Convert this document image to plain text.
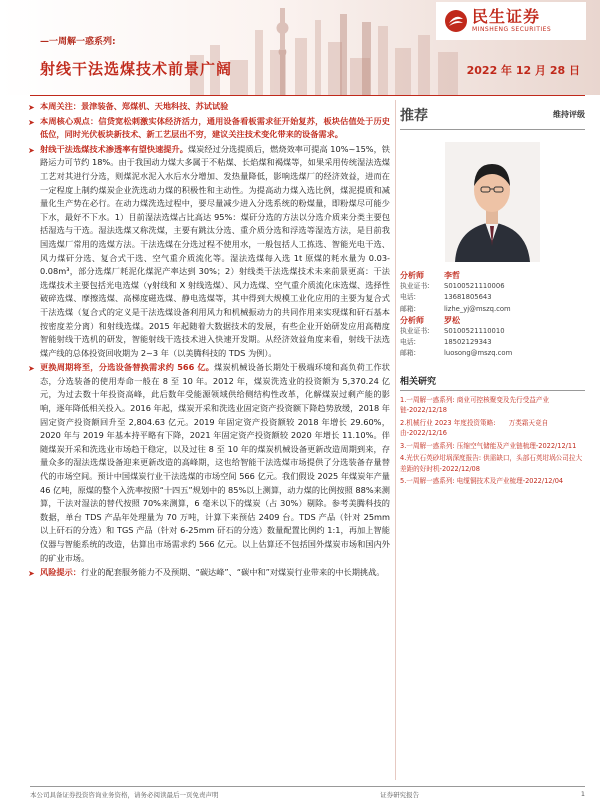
民生证券
MINSHENG SECURITIES
—一周解一惑系列:
射线干法选煤技术前景广阔	2022 年 12 月 28 日
➤ 本周关注：景津装备、郑煤机、天地科技、苏试试验
➤ 本周核心观点：信贷宽松刺激实体经济活力，通用设备看板需求征开始复苏，板块估值处于历史低位，同时光伏板块新技术、新工艺层出不穷，建议关注技术变化带来的设备需求。
➤ 射线干法选煤技术渗透率有望快速提升。煤炭经过分选提质后，燃烧效率可提高 10%~15%，铁路运力可节约 18%。由于我国动力煤大多属于不粘煤、长焰煤和褐煤等，如果采用传统湿法选煤工艺对其进行分选，则煤泥水泥入水后水分增加、发热量降低，影响选煤厂的经济效益，进而在一定程度上制约煤炭企业洗选动力煤的积极性和主动性。为提高动力煤入选比例，煤泥提质和减量化生产势在必行。在动力煤洗选过程中，要尽量减少进入分选系统的粉煤量，即粉煤尽可能少下水，最好不下水。1）目前湿法选煤占比高达 95%：煤矸分选的方法以分选介质来分类主要包括湿选与干选。湿法选煤又称洗煤，主要有跳汰分选、重介质分选和浮选等湿选方法，是目前我国选煤厂常用的选煤方法。干法选煤在分选过程不使用水，一般包括人工拣选、智能光电干选、风力煤矸分选、复合式干选、空气重介质流化等。湿法选煤每入选 1t 原煤的耗水量为 0.03-0.08m³，部分选煤厂耗泥化煤泥产率达到 30%；2）射线类干法选煤技术未来前景更高：干法选煤技术主要包括光电选煤（γ射线和 X 射线选煤）、风力选煤、空气重介质流化床选煤、选择性破碎选煤、摩擦选煤、高梯度磁选煤、静电选煤等，其中得到大规模工业化应用的主要为复合式干法选煤（复合式的定义是干法选煤设备利用风力和机械振动力的共同作用来实现煤和矸石基本按密度差分离）和射线选煤。2015 年起随着大数据技术的发展，有些企业开始研发应用高精度智能射线干选机的研发，智能射线干选技术进入快速开发期。从经济效益角度来看，射线干法选煤产线的总体投资回收期为 2~3 年（以美腾科技的 TDS 为例）。
➤ 更换周期将至，分选设备替换需求约 566 亿。煤炭机械设备长期处于极端环境和高负荷工作状态，分选装备的使用寿命一般在 8 至 10 年。2012 年，煤炭洗选业的投资额为 5,370.24 亿元，为过去数十年投资高峰，此后数年受能源领域供给侧结构性改革，化解煤炭过剩产能的影响，逐年降低相关投入。2016 年起，煤炭开采和洗选业固定资产投资额下降趋势放缓，2018 年固定资产投资额回升至 2,804.63 亿元。2019 年固定资产投资额较 2018 年增长 29.60%，2020 年与 2019 年基本持平略有下降，2021 年固定资产投资额较 2020 年增长 11.10%。伴随煤炭开采和洗选业市场趋于稳定，以及过往 8 至 10 年的煤炭机械设备更新改造周期到来，存量众多的湿法选煤设备迎来更新改造的高峰期，这也给智能干法选煤市场提供了分选装备存量替代的市场空间。预计中国煤炭行业干法选煤的市场空间 566 亿元。我们假设 2025 年煤炭年产量 46 亿吨，原煤的整个入洗率按照“十四五”规划中的 85%以上测算，动力煤的比例按照 88%来测算，干法对湿法的替代按照 70%来测算，6 毫米以下的煤炭（占 30%）剔除。参考美腾科技的数据，单台 TDS 产品年处理量为 70 万吨，计算下来预估 2409 台。TDS 产品（针对 25mm 以上矸石的分选）和 TGS 产品（针对 6-25mm 矸石的分选）数量配置比例约 1:1，再加上智能仪器与智能系统的改造，估算出市场需求约 566 亿元。以上估算还不包括国外煤炭市场和国内外的矿业市场。
➤ 风险提示：行业的配套服务能力不及预期、“碳达峰”、“碳中和”对煤炭行业带来的中长期挑战。
推荐	维持评级
分析师	李哲
执业证书:	S0100521110006
电话:	13681805643
邮箱:	lizhe_yj@mszq.com
分析师	罗松
执业证书:	S0100521110010
电话:	18502129343
邮箱:	luosong@mszq.com
相关研究
1.一周解一惑系列: 商业可控核聚变及先行受益产业链-2022/12/18
2.机械行业 2023 年度投资策略:　　万类霜天竞自由-2022/12/16
3.一周解一惑系列: 压缩空气储能及产业链梳理-2022/12/11
4.光伏石英砂坩埚深度报告: 供需缺口，头部石英坩埚公司拉大差距的好时机-2022/12/08
5.一周解一惑系列: 电缆铜技术及产业梳理-2022/12/04
本公司具备证券投资咨询业务资格，请务必阅读最后一页免责声明	证券研究报告	1
